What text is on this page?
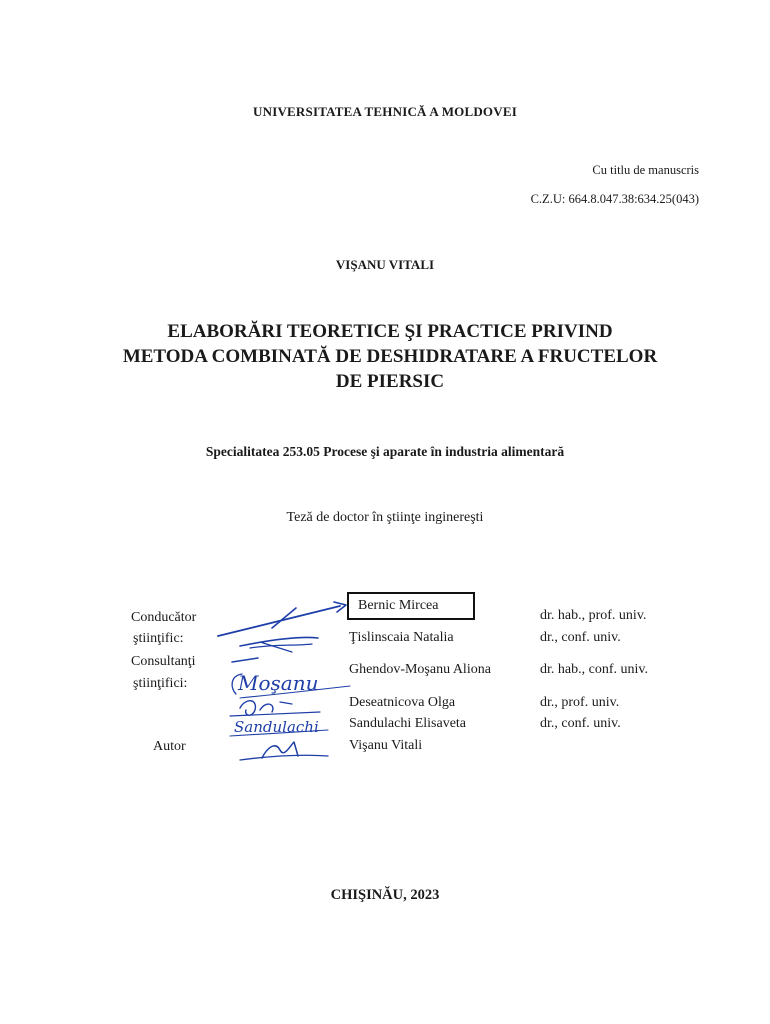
UNIVERSITATEA TEHNICĂ A MOLDOVEI
Cu titlu de manuscris
C.Z.U: 664.8.047.38:634.25(043)
VIŞANU VITALI
ELABORĂRI TEORETICE ŞI PRACTICE PRIVIND
METODA COMBINATĂ DE DESHIDRATARE A FRUCTELOR
DE PIERSIC
Specialitatea 253.05 Procese şi aparate în industria alimentară
Teză de doctor în ştiinţe inginereşti
Conducător
ştiinţific:
Consultanţi
ştiinţifici:
Autor
Bernic Mircea
Ţislinscaia Natalia
Ghendov-Moşanu Aliona
Deseatnicova Olga
Sandulachi Elisaveta
Vişanu Vitali
dr. hab., prof. univ.
dr., conf. univ.
dr. hab., conf. univ.
dr., prof. univ.
dr., conf. univ.
Moşanu
Sandulachi
CHIŞINĂU, 2023
